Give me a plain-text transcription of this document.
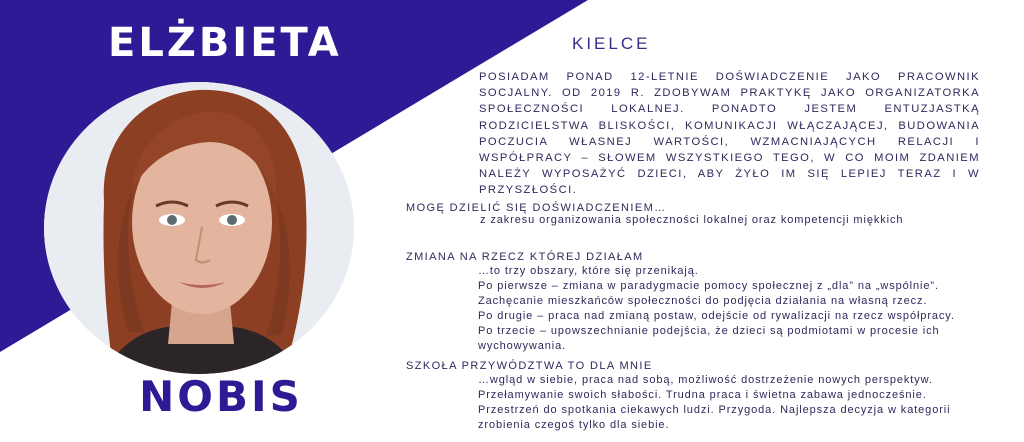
ELŻBIETA
NOBIS

KIELCE

POSIADAM PONAD 12-LETNIE DOŚWIADCZENIE JAKO PRACOWNIK SOCJALNY. OD 2019 R. ZDOBYWAM PRAKTYKĘ JAKO ORGANIZATORKA SPOŁECZNOŚCI LOKALNEJ. PONADTO JESTEM ENTUZJASTKĄ RODZICIELSTWA BLISKOŚCI, KOMUNIKACJI WŁĄCZAJĄCEJ, BUDOWANIA POCZUCIA WŁASNEJ WARTOŚCI, WZMACNIAJĄCYCH RELACJI I WSPÓŁPRACY – SŁOWEM WSZYSTKIEGO TEGO, W CO MOIM ZDANIEM NALEŻY WYPOSAŻYĆ DZIECI, ABY ŻYŁO IM SIĘ LEPIEJ TERAZ I W PRZYSZŁOŚCI.

MOGĘ DZIELIĆ SIĘ DOŚWIADCZENIEM…

z zakresu organizowania społeczności lokalnej oraz kompetencji miękkich

ZMIANA NA RZECZ KTÓREJ DZIAŁAM

…to trzy obszary, które się przenikają.

Po pierwsze – zmiana w paradygmacie pomocy społecznej z „dla” na „wspólnie”.

Zachęcanie mieszkańców społeczności do podjęcia działania na własną rzecz.

Po drugie – praca nad zmianą postaw, odejście od rywalizacji na rzecz współpracy.

Po trzecie – upowszechnianie podejścia, że dzieci są podmiotami w procesie ich wychowywania.

SZKOŁA PRZYWÓDZTWA TO DLA MNIE

…wgląd w siebie, praca nad sobą, możliwość dostrzeżenie nowych perspektyw. Przełamywanie swoich słabości. Trudna praca i świetna zabawa jednocześnie. Przestrzeń do spotkania ciekawych ludzi. Przygoda. Najlepsza decyzja w kategorii zrobienia czegoś tylko dla siebie.
